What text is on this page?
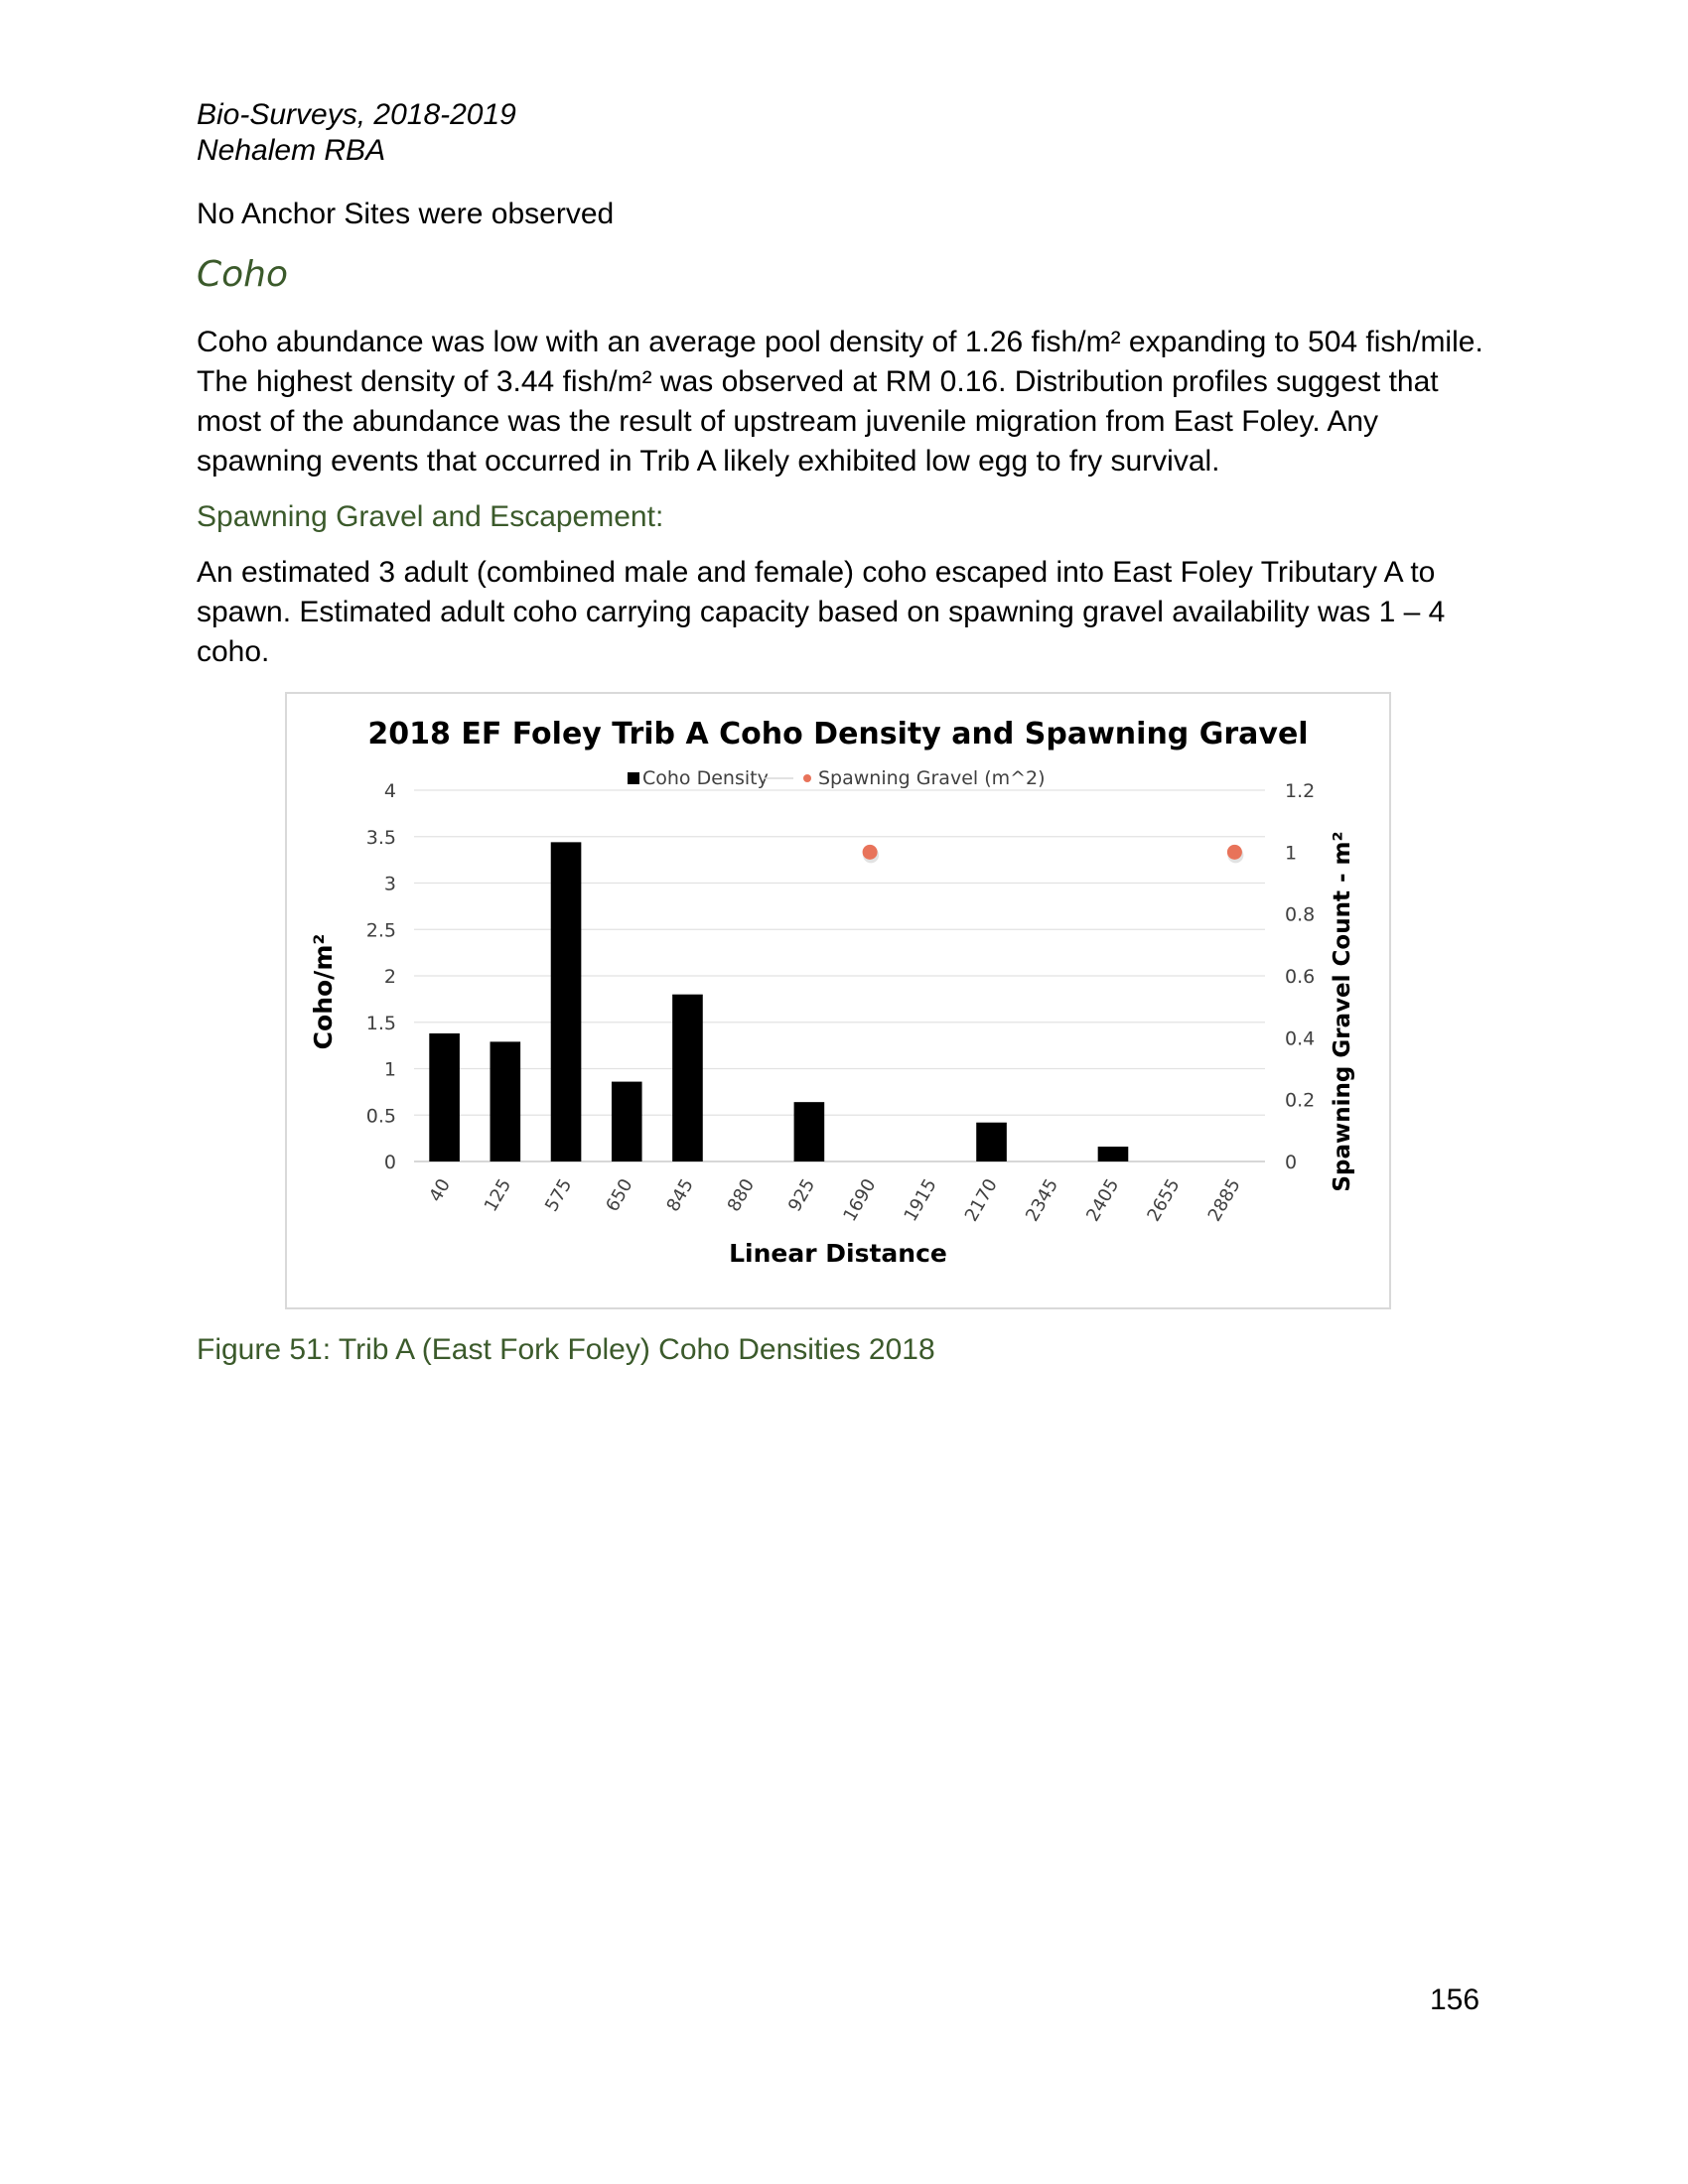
Bio-Surveys, 2018-2019
Nehalem RBA
No Anchor Sites were observed
Coho
Coho abundance was low with an average pool density of 1.26 fish/m² expanding to 504 fish/mile. The highest density of 3.44 fish/m² was observed at RM 0.16. Distribution profiles suggest that most of the abundance was the result of upstream juvenile migration from East Foley. Any spawning events that occurred in Trib A likely exhibited low egg to fry survival.
Spawning Gravel and Escapement:
An estimated 3 adult (combined male and female) coho escaped into East Foley Tributary A to spawn. Estimated adult coho carrying capacity based on spawning gravel availability was 1 – 4 coho.
2018 EF Foley Trib A Coho Density and Spawning Gravel
Coho Density	Spawning Gravel (m^2)
0
0.5
1
1.5
2
2.5
3
3.5
4
0
0.2
0.4
0.6
0.8
1
1.2
40 125 575 650 845 880 925 1690 1915 2170 2345 2405 2655 2885
Coho/m²	Spawning Gravel Count - m²
Linear Distance
Figure 51: Trib A (East Fork Foley) Coho Densities 2018
156
